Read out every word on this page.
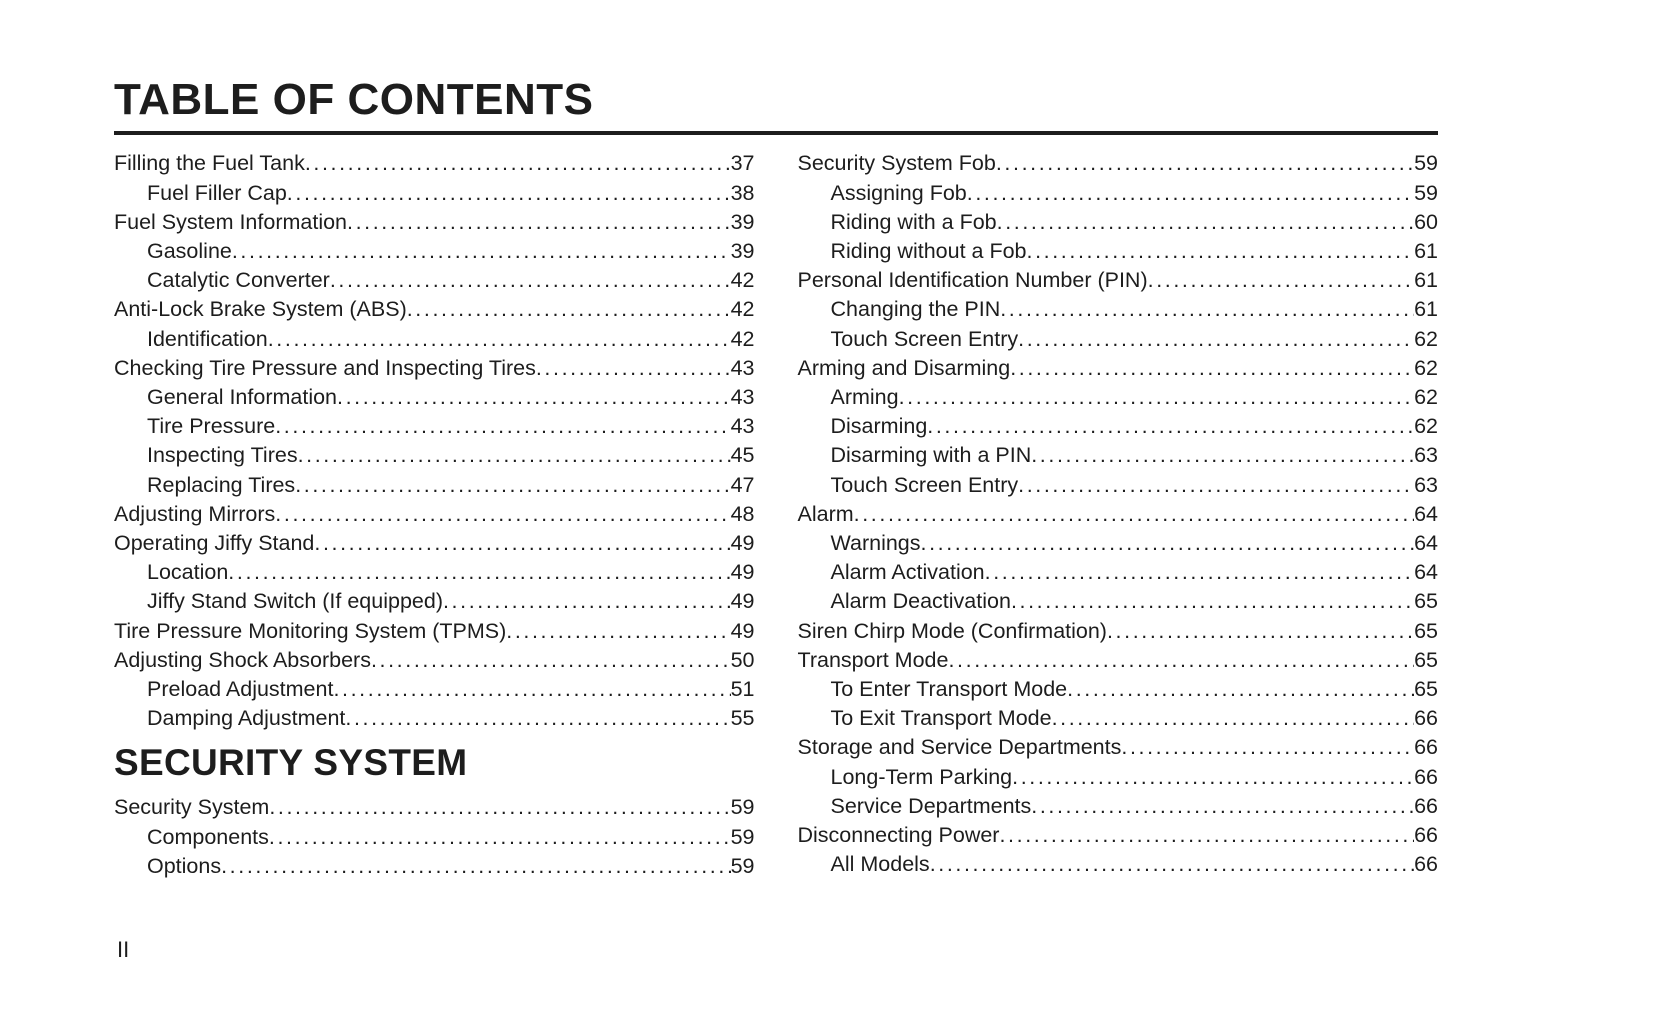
TABLE OF CONTENTS
Filling the Fuel Tank .....	37
Fuel Filler Cap .....	38
Fuel System Information .....	39
Gasoline .....	39
Catalytic Converter .....	42
Anti-Lock Brake System (ABS) .....	42
Identification .....	42
Checking Tire Pressure and Inspecting Tires .....	43
General Information .....	43
Tire Pressure .....	43
Inspecting Tires .....	45
Replacing Tires .....	47
Adjusting Mirrors .....	48
Operating Jiffy Stand .....	49
Location .....	49
Jiffy Stand Switch (If equipped) .....	49
Tire Pressure Monitoring System (TPMS) .....	49
Adjusting Shock Absorbers .....	50
Preload Adjustment .....	51
Damping Adjustment .....	55
SECURITY SYSTEM
Security System .....	59
Components .....	59
Options .....	59
Security System Fob .....	59
Assigning Fob .....	59
Riding with a Fob .....	60
Riding without a Fob .....	61
Personal Identification Number (PIN) .....	61
Changing the PIN .....	61
Touch Screen Entry .....	62
Arming and Disarming .....	62
Arming .....	62
Disarming .....	62
Disarming with a PIN .....	63
Touch Screen Entry .....	63
Alarm .....	64
Warnings .....	64
Alarm Activation .....	64
Alarm Deactivation .....	65
Siren Chirp Mode (Confirmation) .....	65
Transport Mode .....	65
To Enter Transport Mode .....	65
To Exit Transport Mode .....	66
Storage and Service Departments .....	66
Long-Term Parking .....	66
Service Departments .....	66
Disconnecting Power .....	66
All Models .....	66
II
